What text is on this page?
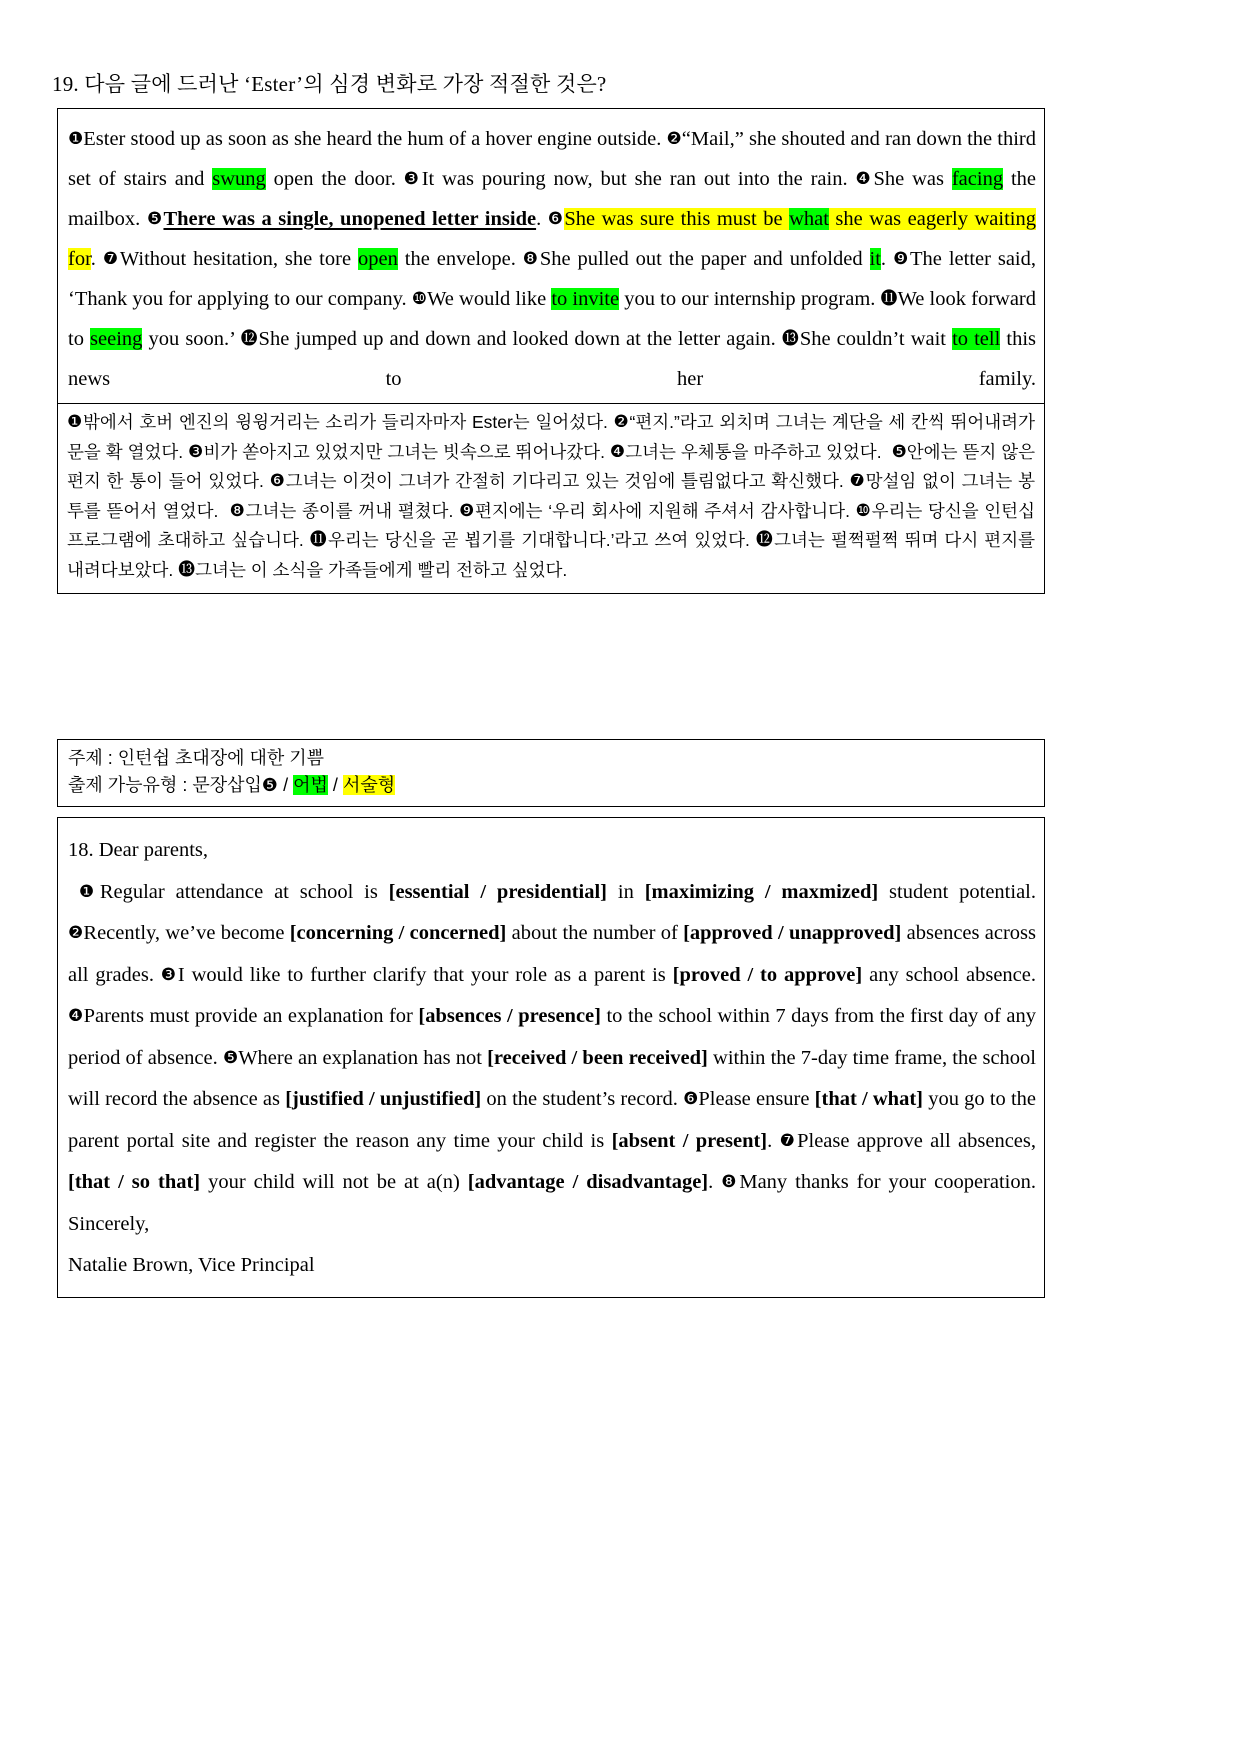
19. 다음 글에 드러난 ‘Ester’의 심경 변화로 가장 적절한 것은?

❶Ester stood up as soon as she heard the hum of a hover engine outside. ❷“Mail,” she shouted and ran down the third set of stairs and swung open the door. ❸It was pouring now, but she ran out into the rain. ❹She was facing the mailbox. ❺There was a single, unopened letter inside. ❻She was sure this must be what she was eagerly waiting for. ❼Without hesitation, she tore open the envelope. ❽She pulled out the paper and unfolded it. ❾The letter said, ‘Thank you for applying to our company. ❿We would like to invite you to our internship program. ⓫We look forward to seeing you soon.’ ⓬She jumped up and down and looked down at the letter again. ⓭She couldn’t wait to tell this news to her family.

❶밖에서 호버 엔진의 윙윙거리는 소리가 들리자마자 Ester는 일어섰다. ❷“편지.”라고 외치며 그녀는 계단을 세 칸씩 뛰어내려가 문을 확 열었다. ❸비가 쏟아지고 있었지만 그녀는 빗속으로 뛰어나갔다. ❹그녀는 우체통을 마주하고 있었다.  ❺안에는 뜯지 않은 편지 한 통이 들어 있었다. ❻그녀는 이것이 그녀가 간절히 기다리고 있는 것임에 틀림없다고 확신했다. ❼망설임 없이 그녀는 봉투를 뜯어서 열었다.  ❽그녀는 종이를 꺼내 펼쳤다. ❾편지에는 ‘우리 회사에 지원해 주셔서 감사합니다. ❿우리는 당신을 인턴십 프로그램에 초대하고 싶습니다. ⓫우리는 당신을 곧 뵙기를 기대합니다.’라고 쓰여 있었다. ⓬그녀는 펄쩍펄쩍 뛰며 다시 편지를 내려다보았다. ⓭그녀는 이 소식을 가족들에게 빨리 전하고 싶었다.

주제 : 인턴쉽 초대장에 대한 기쁨
출제 가능유형 : 문장삽입❺ / 어법 / 서술형

18. Dear parents,

❶Regular attendance at school is [essential / presidential] in [maximizing / maxmized] student potential. ❷Recently, we’ve become [concerning / concerned] about the number of [approved / unapproved] absences across all grades. ❸I would like to further clarify that your role as a parent is [proved / to approve] any school absence. ❹Parents must provide an explanation for [absences / presence] to the school within 7 days from the first day of any period of absence. ❺Where an explanation has not [received / been received] within the 7-day time frame, the school will record the absence as [justified / unjustified] on the student’s record. ❻Please ensure [that / what] you go to the parent portal site and register the reason any time your child is [absent / present]. ❼Please approve all absences, [that / so that] your child will not be at a(n) [advantage / disadvantage]. ❽Many thanks for your cooperation.

Sincerely,

Natalie Brown, Vice Principal
